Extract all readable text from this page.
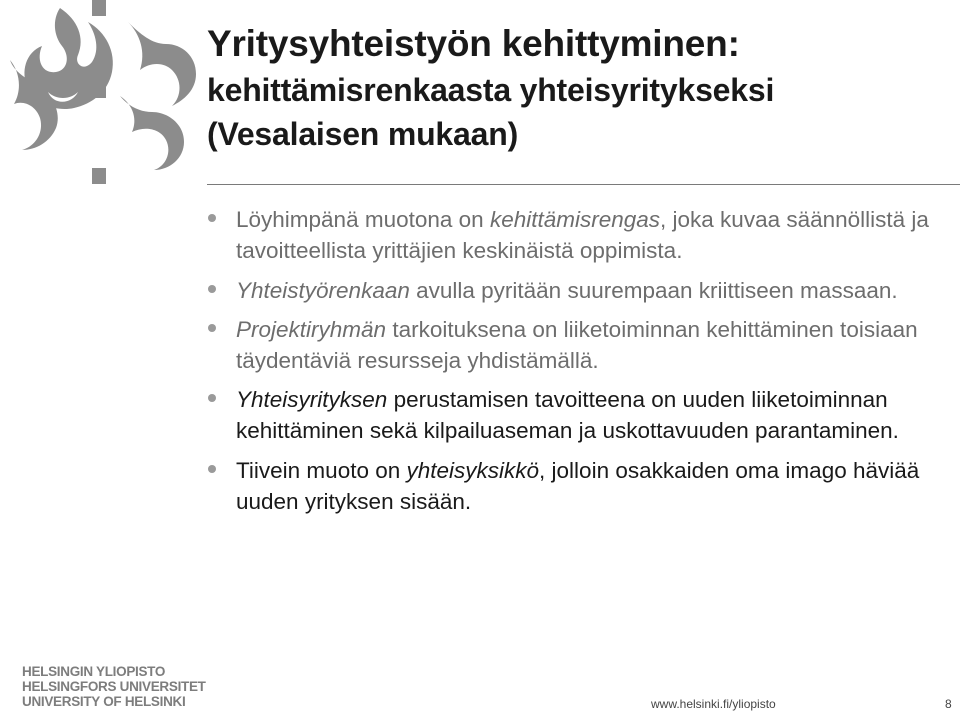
Yritysyhteistyön kehittyminen:
kehittämisrenkaasta yhteisyritykseksi
(Vesalaisen mukaan)
Löyhimpänä muotona on kehittämisrengas, joka kuvaa säännöllistä ja tavoitteellista yrittäjien keskinäistä oppimista.
Yhteistyörenkaan avulla pyritään suurempaan kriittiseen massaan.
Projektiryhmän tarkoituksena on liiketoiminnan kehittäminen toisiaan täydentäviä resursseja yhdistämällä.
Yhteisyrityksen perustamisen tavoitteena on uuden liiketoiminnan kehittäminen sekä kilpailuaseman ja uskottavuuden parantaminen.
Tiivein muoto on yhteisyksikkö, jolloin osakkaiden oma imago häviää uuden yrityksen sisään.
HELSINGIN YLIOPISTO
HELSINGFORS UNIVERSITET
UNIVERSITY OF HELSINKI	www.helsinki.fi/yliopisto	8
